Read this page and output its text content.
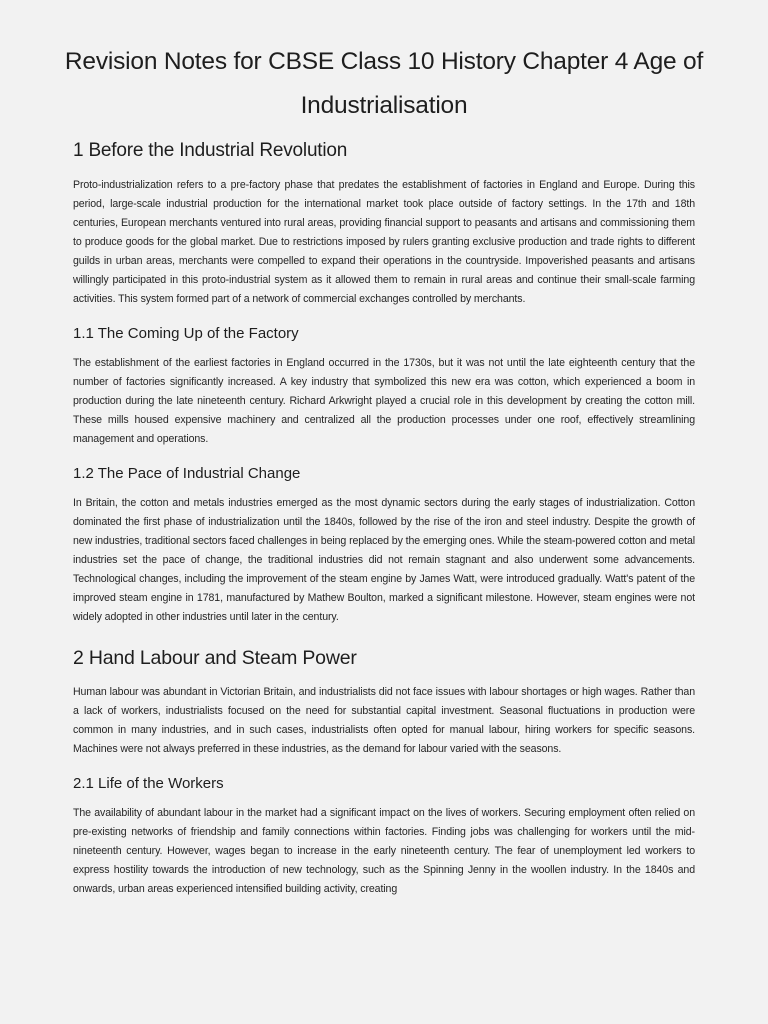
Revision Notes for CBSE Class 10 History Chapter 4 Age of Industrialisation
1 Before the Industrial Revolution

Proto-industrialization refers to a pre-factory phase that predates the establishment of factories in England and Europe. During this period, large-scale industrial production for the international market took place outside of factory settings. In the 17th and 18th centuries, European merchants ventured into rural areas, providing financial support to peasants and artisans and commissioning them to produce goods for the global market. Due to restrictions imposed by rulers granting exclusive production and trade rights to different guilds in urban areas, merchants were compelled to expand their operations in the countryside. Impoverished peasants and artisans willingly participated in this proto-industrial system as it allowed them to remain in rural areas and continue their small-scale farming activities. This system formed part of a network of commercial exchanges controlled by merchants.

1.1 The Coming Up of the Factory

The establishment of the earliest factories in England occurred in the 1730s, but it was not until the late eighteenth century that the number of factories significantly increased. A key industry that symbolized this new era was cotton, which experienced a boom in production during the late nineteenth century. Richard Arkwright played a crucial role in this development by creating the cotton mill. These mills housed expensive machinery and centralized all the production processes under one roof, effectively streamlining management and operations.

1.2 The Pace of Industrial Change

In Britain, the cotton and metals industries emerged as the most dynamic sectors during the early stages of industrialization. Cotton dominated the first phase of industrialization until the 1840s, followed by the rise of the iron and steel industry. Despite the growth of new industries, traditional sectors faced challenges in being replaced by the emerging ones. While the steam-powered cotton and metal industries set the pace of change, the traditional industries did not remain stagnant and also underwent some advancements. Technological changes, including the improvement of the steam engine by James Watt, were introduced gradually. Watt's patent of the improved steam engine in 1781, manufactured by Mathew Boulton, marked a significant milestone. However, steam engines were not widely adopted in other industries until later in the century.

2 Hand Labour and Steam Power

Human labour was abundant in Victorian Britain, and industrialists did not face issues with labour shortages or high wages. Rather than a lack of workers, industrialists focused on the need for substantial capital investment. Seasonal fluctuations in production were common in many industries, and in such cases, industrialists often opted for manual labour, hiring workers for specific seasons. Machines were not always preferred in these industries, as the demand for labour varied with the seasons.

2.1 Life of the Workers

The availability of abundant labour in the market had a significant impact on the lives of workers. Securing employment often relied on pre-existing networks of friendship and family connections within factories. Finding jobs was challenging for workers until the mid-nineteenth century. However, wages began to increase in the early nineteenth century. The fear of unemployment led workers to express hostility towards the introduction of new technology, such as the Spinning Jenny in the woollen industry. In the 1840s and onwards, urban areas experienced intensified building activity, creating
